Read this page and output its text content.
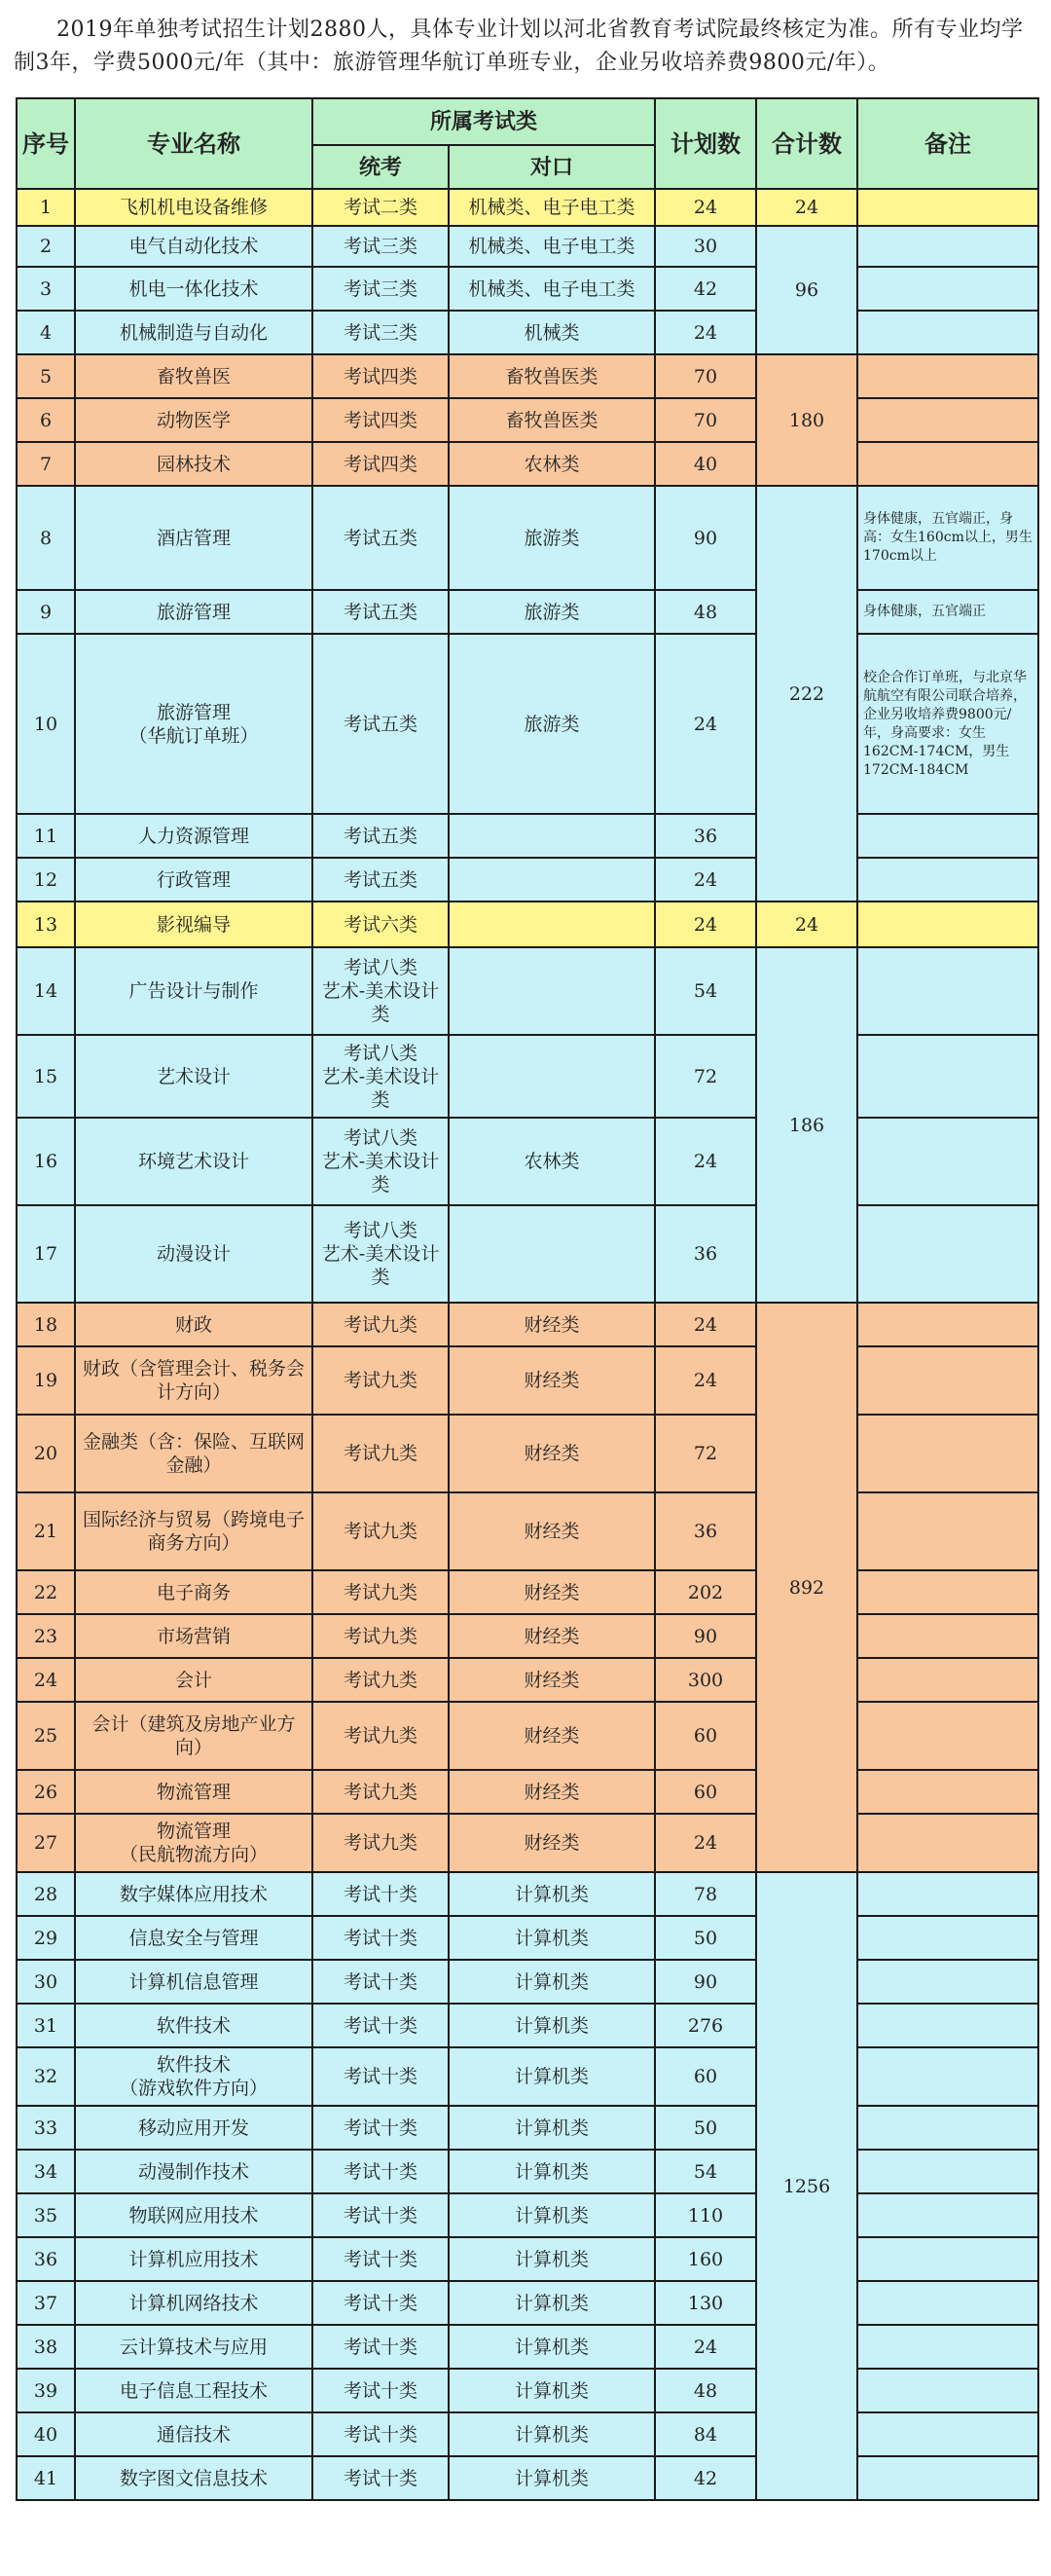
2019年单独考试招生计划2880人，具体专业计划以河北省教育考试院最终核定为准。所有专业均学制3年，学费5000元/年（其中：旅游管理华航订单班专业，企业另收培养费9800元/年）。
序号	专业名称	所属考试类		计划数	合计数	备注
		统考	对口			
1	飞机机电设备维修	考试二类	机械类、电子电工类	24	24	
2	电气自动化技术	考试三类	机械类、电子电工类	30	96	
3	机电一体化技术	考试三类	机械类、电子电工类	42		
4	机械制造与自动化	考试三类	机械类	24		
5	畜牧兽医	考试四类	畜牧兽医类	70	180	
6	动物医学	考试四类	畜牧兽医类	70		
7	园林技术	考试四类	农林类	40		
8	酒店管理	考试五类	旅游类	90	222	身体健康，五官端正，身高：女生160cm以上，男生170cm以上
9	旅游管理	考试五类	旅游类	48		身体健康，五官端正
10	旅游管理
（华航订单班）	考试五类	旅游类	24		校企合作订单班，与北京华航航空有限公司联合培养，企业另收培养费9800元/年，身高要求：女生162CM-174CM，男生172CM-184CM
11	人力资源管理	考试五类		36		
12	行政管理	考试五类		24		
13	影视编导	考试六类		24	24	
14	广告设计与制作	考试八类
艺术-美术设计类		54	186	
15	艺术设计	考试八类
艺术-美术设计类		72		
16	环境艺术设计	考试八类
艺术-美术设计类	农林类	24		
17	动漫设计	考试八类
艺术-美术设计类		36		
18	财政	考试九类	财经类	24	892	
19	财政（含管理会计、税务会计方向）	考试九类	财经类	24		
20	金融类（含：保险、互联网金融）	考试九类	财经类	72		
21	国际经济与贸易（跨境电子商务方向）	考试九类	财经类	36		
22	电子商务	考试九类	财经类	202		
23	市场营销	考试九类	财经类	90		
24	会计	考试九类	财经类	300		
25	会计（建筑及房地产业方向）	考试九类	财经类	60		
26	物流管理	考试九类	财经类	60		
27	物流管理
（民航物流方向）	考试九类	财经类	24		
28	数字媒体应用技术	考试十类	计算机类	78	1256	
29	信息安全与管理	考试十类	计算机类	50		
30	计算机信息管理	考试十类	计算机类	90		
31	软件技术	考试十类	计算机类	276		
32	软件技术
（游戏软件方向）	考试十类	计算机类	60		
33	移动应用开发	考试十类	计算机类	50		
34	动漫制作技术	考试十类	计算机类	54		
35	物联网应用技术	考试十类	计算机类	110		
36	计算机应用技术	考试十类	计算机类	160		
37	计算机网络技术	考试十类	计算机类	130		
38	云计算技术与应用	考试十类	计算机类	24		
39	电子信息工程技术	考试十类	计算机类	48		
40	通信技术	考试十类	计算机类	84		
41	数字图文信息技术	考试十类	计算机类	42		
